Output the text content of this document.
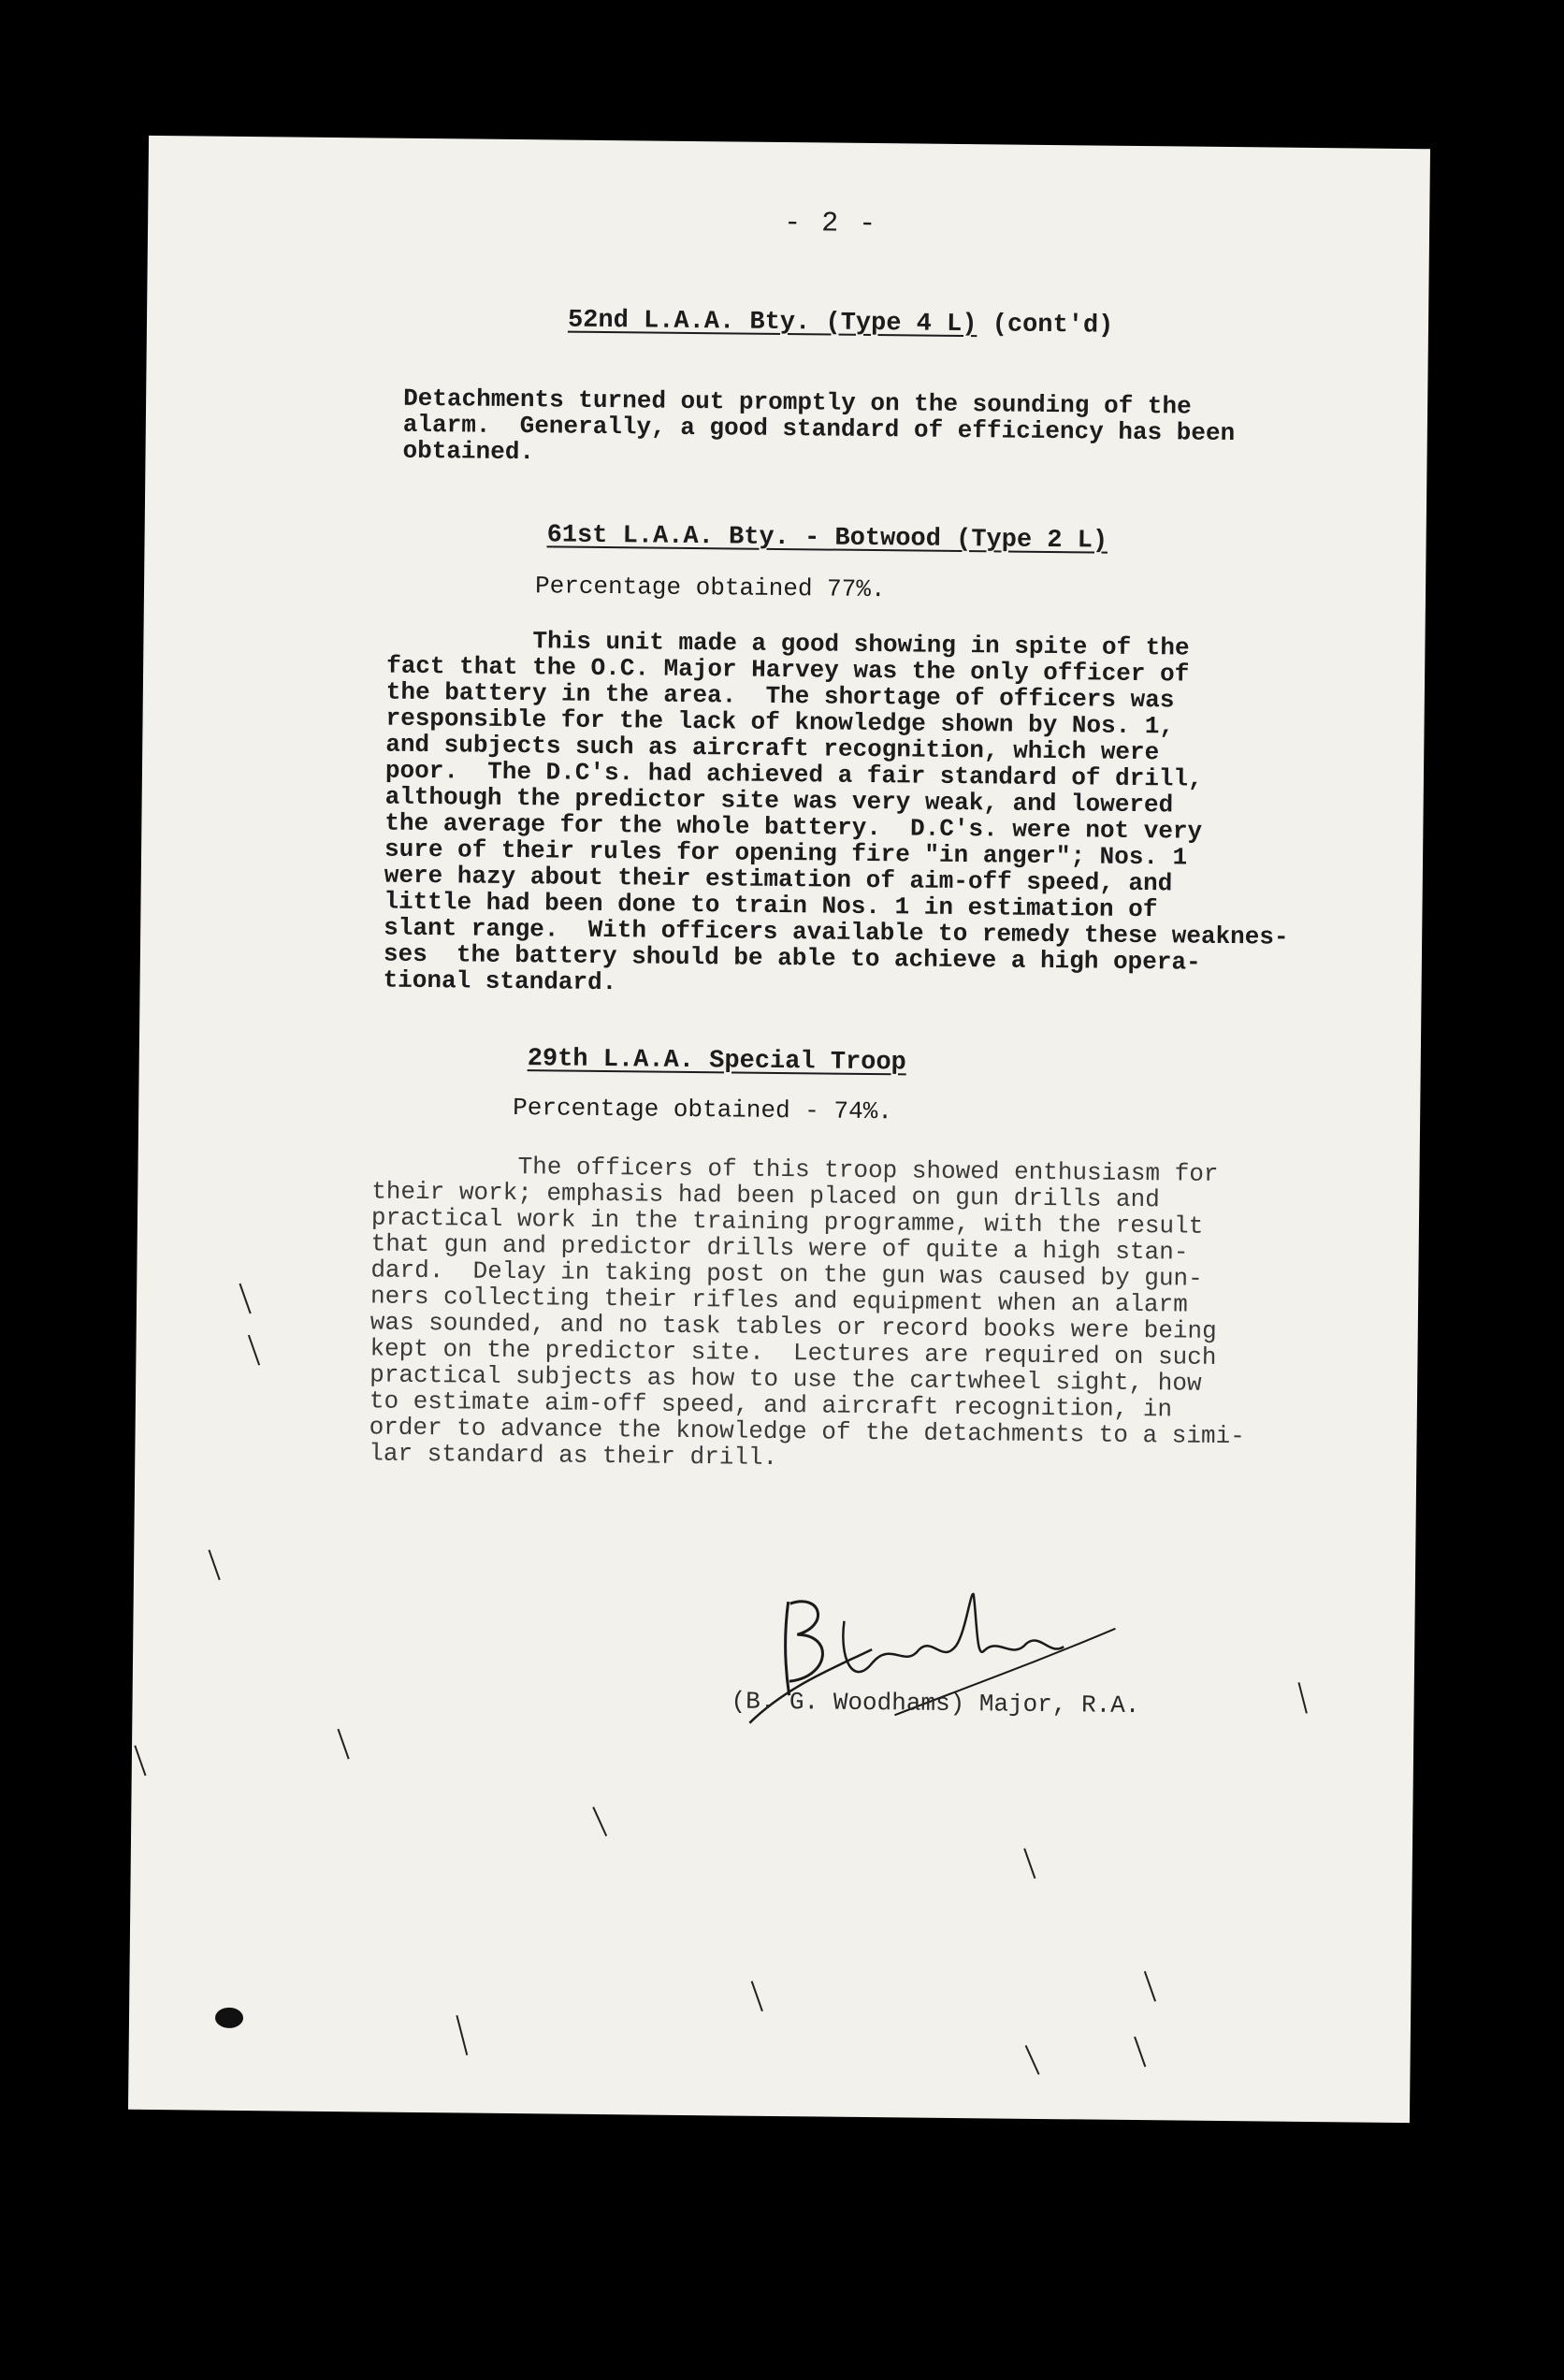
- 2 -
52nd L.A.A. Bty. (Type 4 L) (cont'd)
Detachments turned out promptly on the sounding of the
alarm.  Generally, a good standard of efficiency has been
obtained.
61st L.A.A. Bty. - Botwood (Type 2 L)
Percentage obtained 77%.
This unit made a good showing in spite of the
fact that the O.C. Major Harvey was the only officer of
the battery in the area.  The shortage of officers was
responsible for the lack of knowledge shown by Nos. 1,
and subjects such as aircraft recognition, which were
poor.  The D.C's. had achieved a fair standard of drill,
although the predictor site was very weak, and lowered
the average for the whole battery.  D.C's. were not very
sure of their rules for opening fire "in anger"; Nos. 1
were hazy about their estimation of aim-off speed, and
little had been done to train Nos. 1 in estimation of
slant range.  With officers available to remedy these weaknes-
ses  the battery should be able to achieve a high opera-
tional standard.
29th L.A.A. Special Troop
Percentage obtained - 74%.
The officers of this troop showed enthusiasm for
their work; emphasis had been placed on gun drills and
practical work in the training programme, with the result
that gun and predictor drills were of quite a high stan-
dard.  Delay in taking post on the gun was caused by gun-
ners collecting their rifles and equipment when an alarm
was sounded, and no task tables or record books were being
kept on the predictor site.  Lectures are required on such
practical subjects as how to use the cartwheel sight, how
to estimate aim-off speed, and aircraft recognition, in
order to advance the knowledge of the detachments to a simi-
lar standard as their drill.
(B. G. Woodhams) Major, R.A.
